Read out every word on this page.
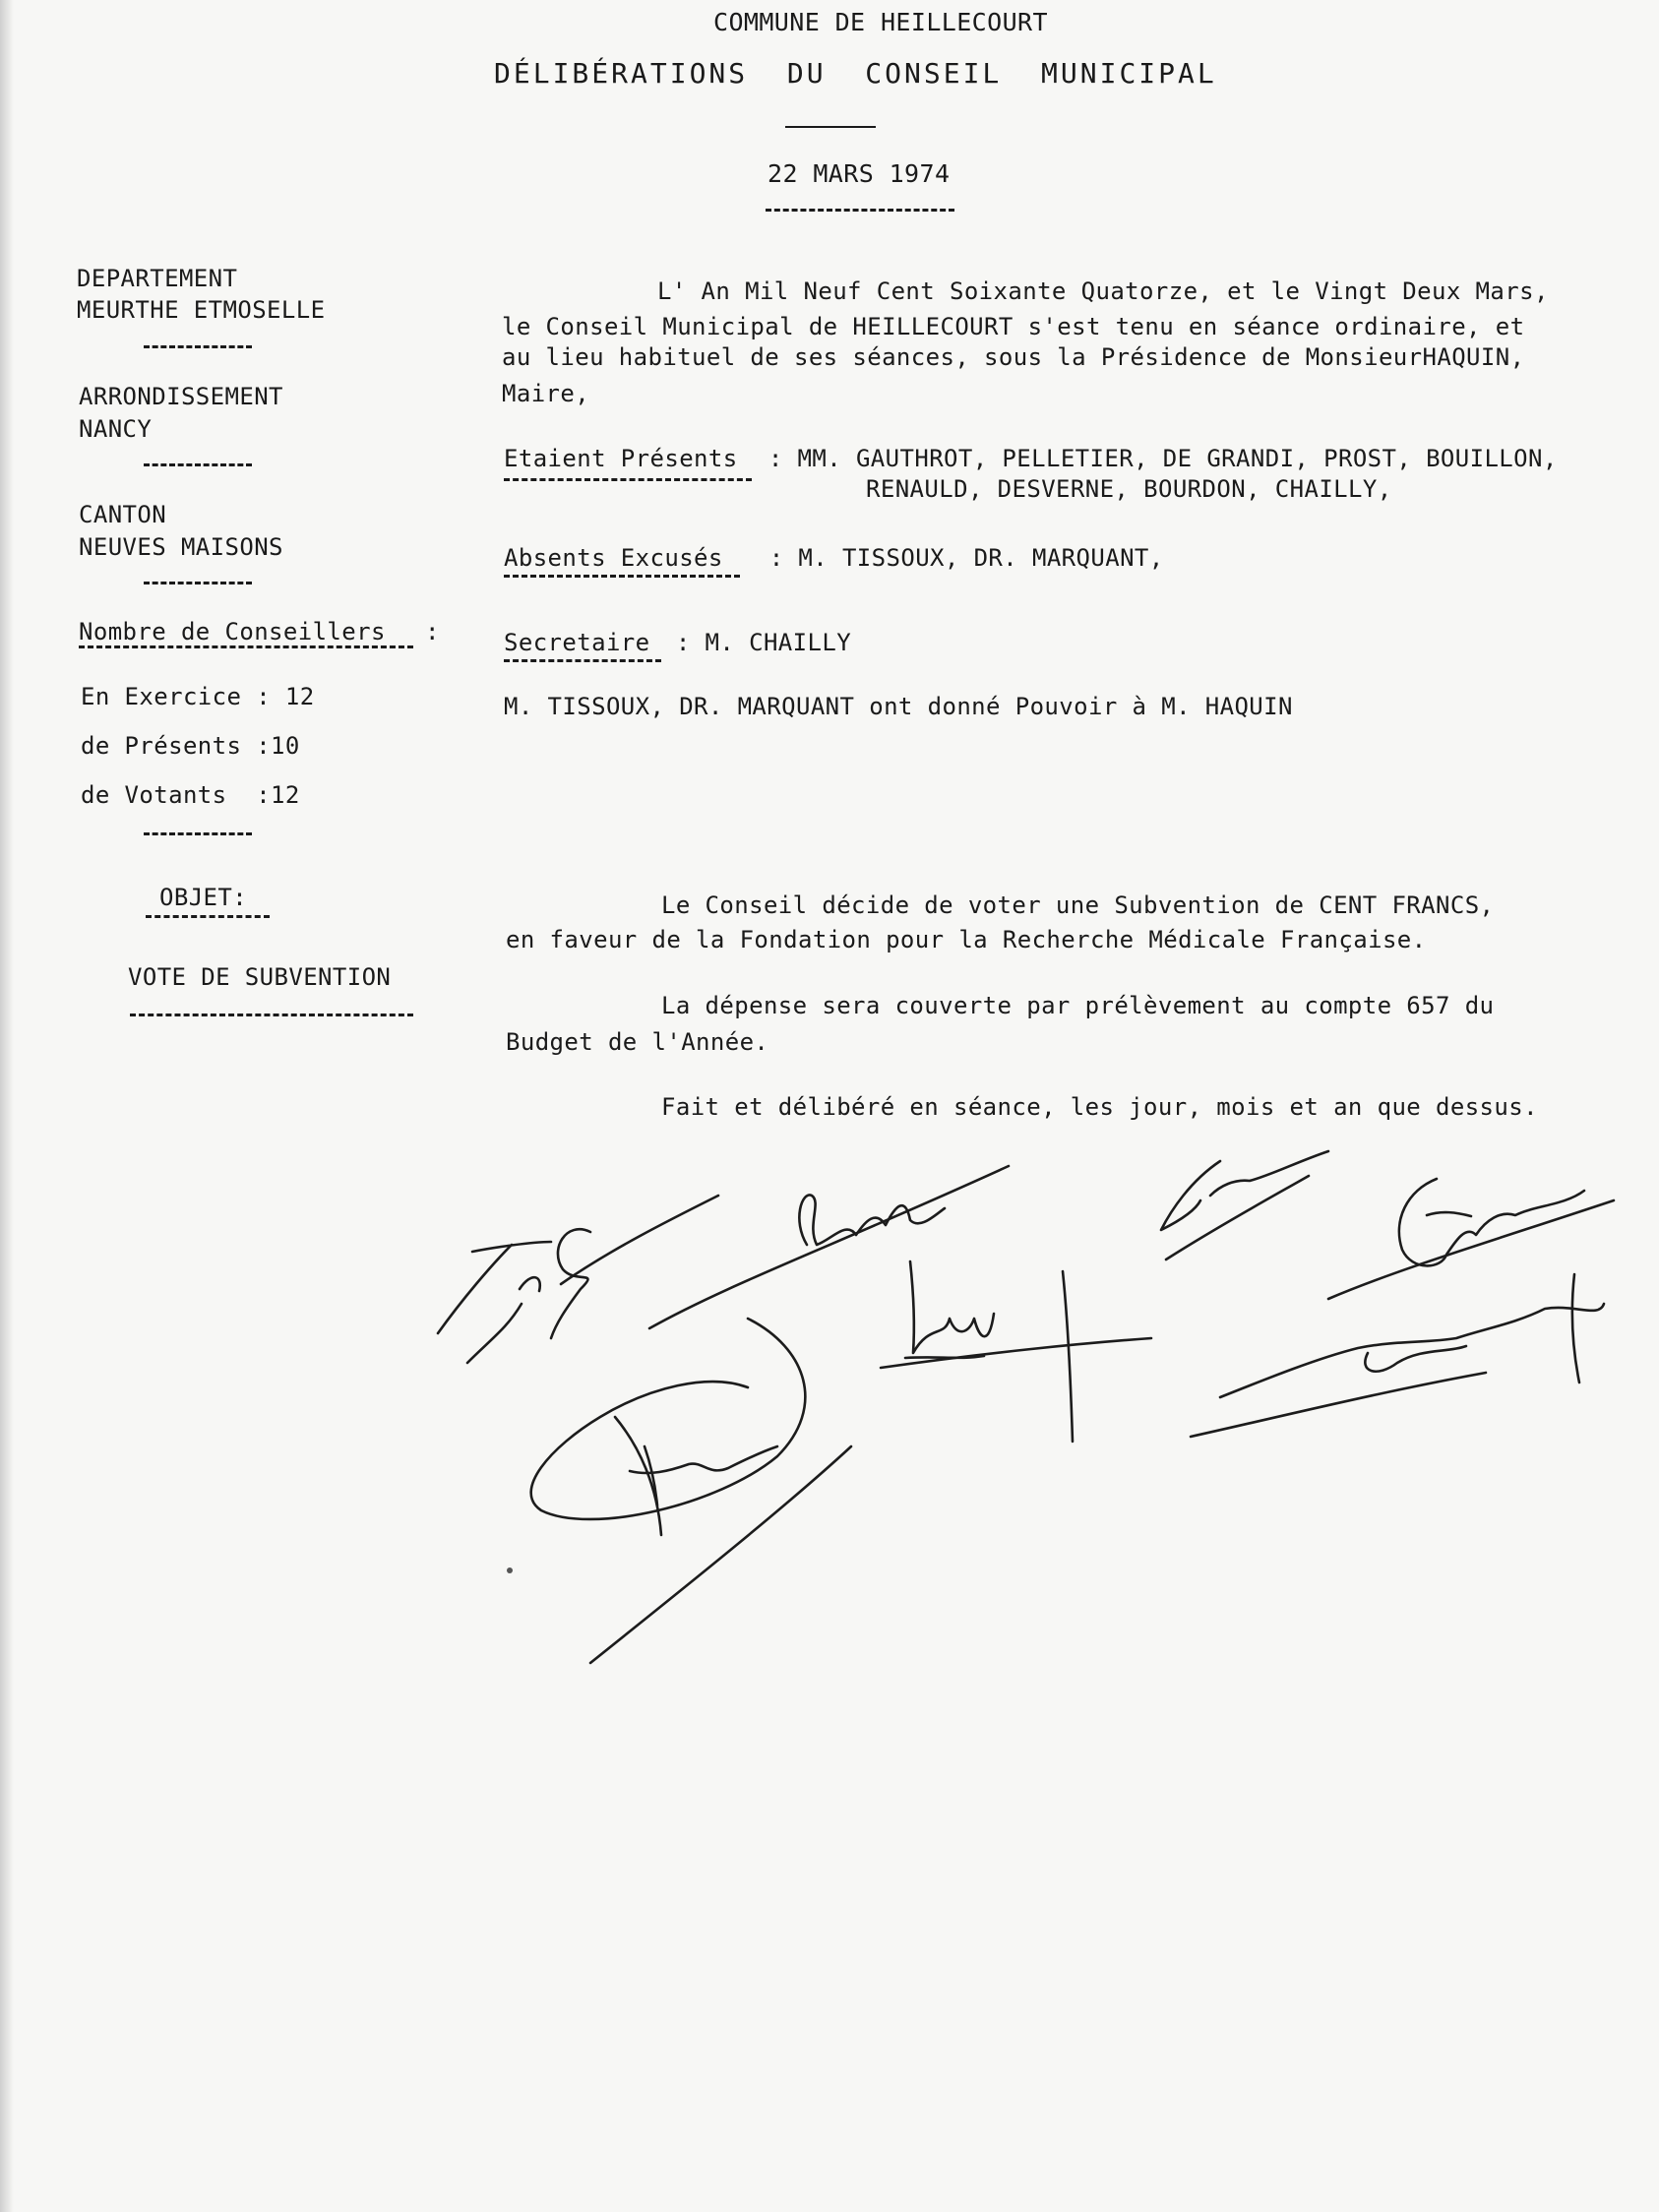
COMMUNE DE HEILLECOURT
DÉLIBÉRATIONS  DU  CONSEIL  MUNICIPAL
22 MARS 1974
DEPARTEMENT
MEURTHE ETMOSELLE
ARRONDISSEMENT
NANCY
CANTON
NEUVES MAISONS
Nombre de Conseillers :
En Exercice : 12
de Présents :10
de Votants  :12
OBJET:
VOTE DE SUBVENTION
L' An Mil Neuf Cent Soixante Quatorze, et le Vingt Deux Mars,
le Conseil Municipal de HEILLECOURT s'est tenu en séance ordinaire, et
au lieu habituel de ses séances, sous la Présidence de MonsieurHAQUIN,
Maire,
Etaient Présents : MM. GAUTHROT, PELLETIER, DE GRANDI, PROST, BOUILLON,
RENAULD, DESVERNE, BOURDON, CHAILLY,
Absents Excusés : M. TISSOUX, DR. MARQUANT,
Secretaire : M. CHAILLY
M. TISSOUX, DR. MARQUANT ont donné Pouvoir à M. HAQUIN
Le Conseil décide de voter une Subvention de CENT FRANCS,
en faveur de la Fondation pour la Recherche Médicale Française.
La dépense sera couverte par prélèvement au compte 657 du
Budget de l'Année.
Fait et délibéré en séance, les jour, mois et an que dessus.
